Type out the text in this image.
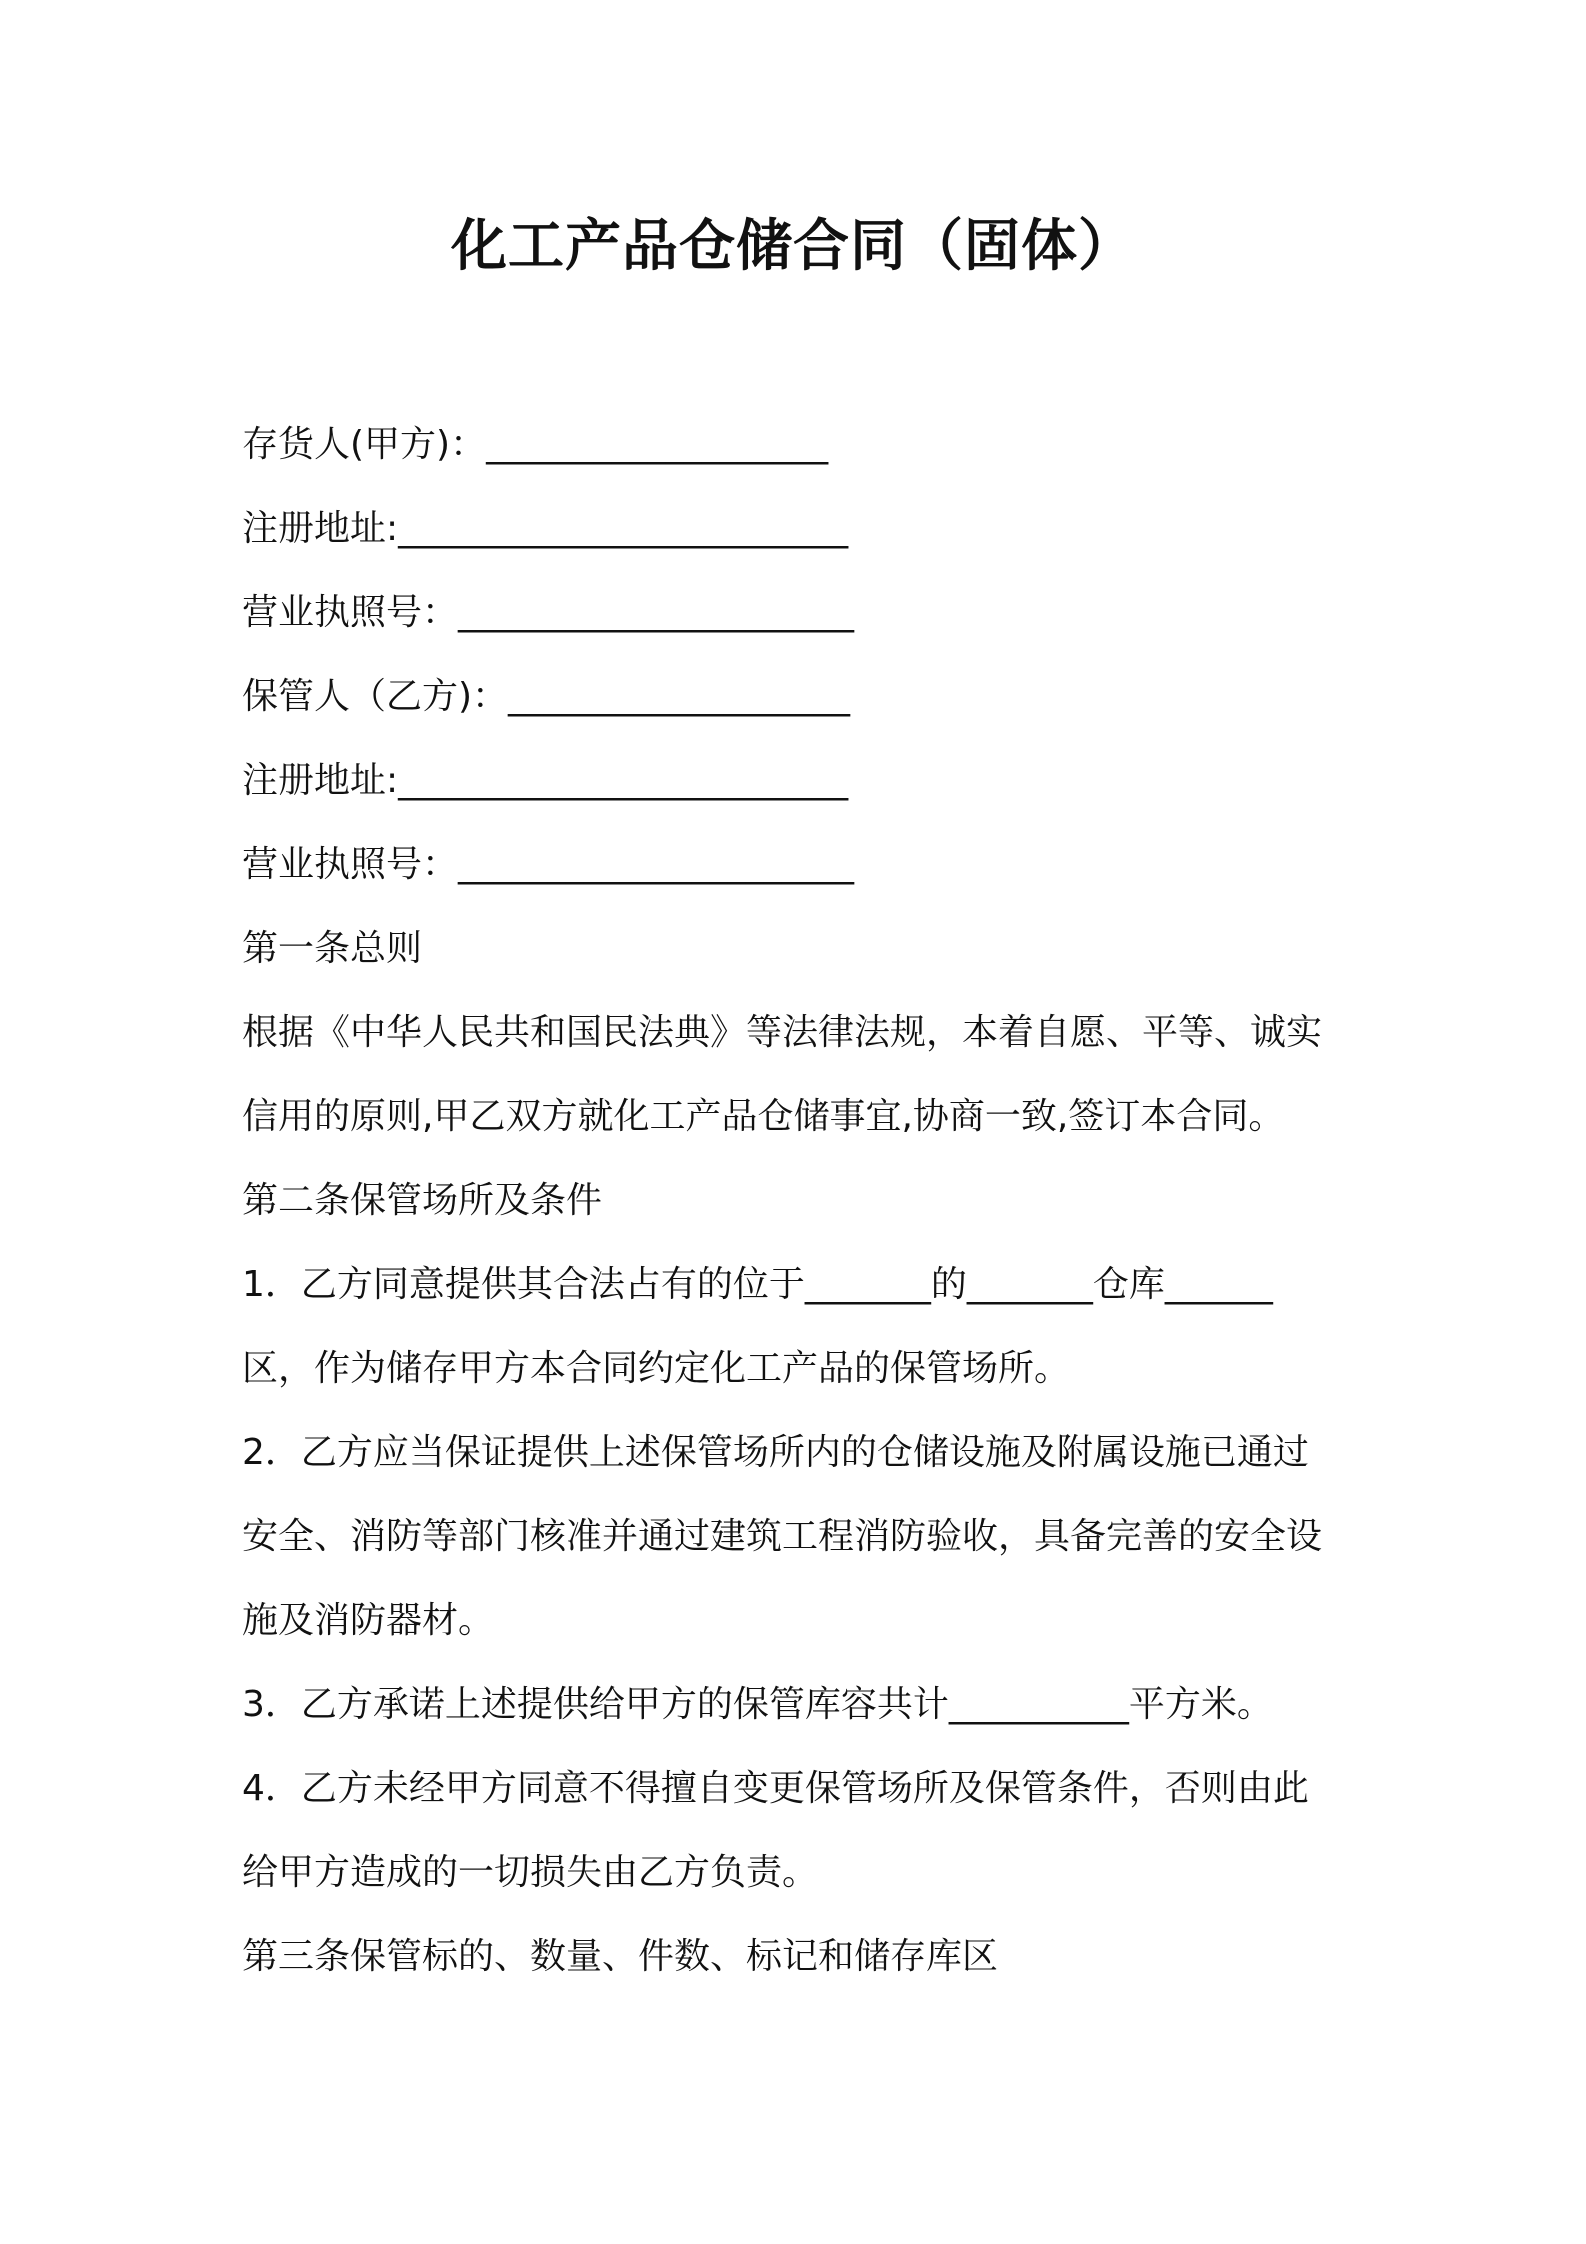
化工产品仓储合同（固体）
存货人(甲方)：___________________
注册地址:_________________________
营业执照号：______________________
保管人（乙方)：___________________
注册地址:_________________________
营业执照号：______________________
第一条总则
根据《中华人民共和国民法典》等法律法规，本着自愿、平等、诚实
信用的原则,甲乙双方就化工产品仓储事宜,协商一致,签订本合同。
第二条保管场所及条件
1．乙方同意提供其合法占有的位于_______的_______仓库______
区，作为储存甲方本合同约定化工产品的保管场所。
2．乙方应当保证提供上述保管场所内的仓储设施及附属设施已通过
安全、消防等部门核准并通过建筑工程消防验收，具备完善的安全设
施及消防器材。
3．乙方承诺上述提供给甲方的保管库容共计__________平方米。
4．乙方未经甲方同意不得擅自变更保管场所及保管条件，否则由此
给甲方造成的一切损失由乙方负责。
第三条保管标的、数量、件数、标记和储存库区
